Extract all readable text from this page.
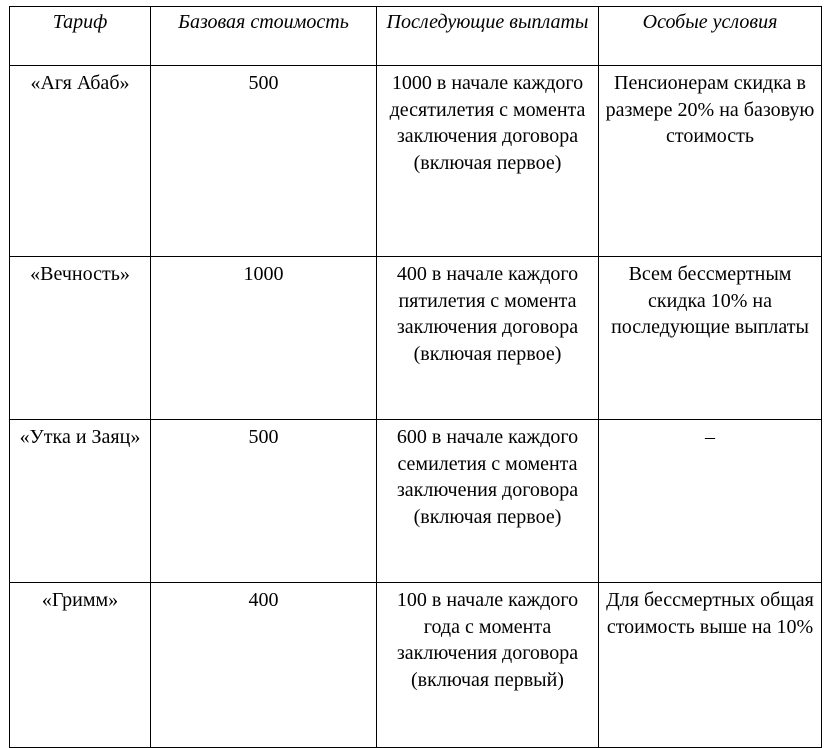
Тариф	Базовая стоимость	Последующие выплаты	Особые условия
«Агя Абаб»	500	1000 в начале каждого десятилетия с момента заключения договора (включая первое)	Пенсионерам скидка в размере 20% на базовую стоимость
«Вечность»	1000	400 в начале каждого пятилетия с момента заключения договора (включая первое)	Всем бессмертным скидка 10% на последующие выплаты
«Утка и Заяц»	500	600 в начале каждого семилетия с момента заключения договора (включая первое)	–
«Гримм»	400	100 в начале каждого года с момента заключения договора (включая первый)	Для бессмертных общая стоимость выше на 10%
